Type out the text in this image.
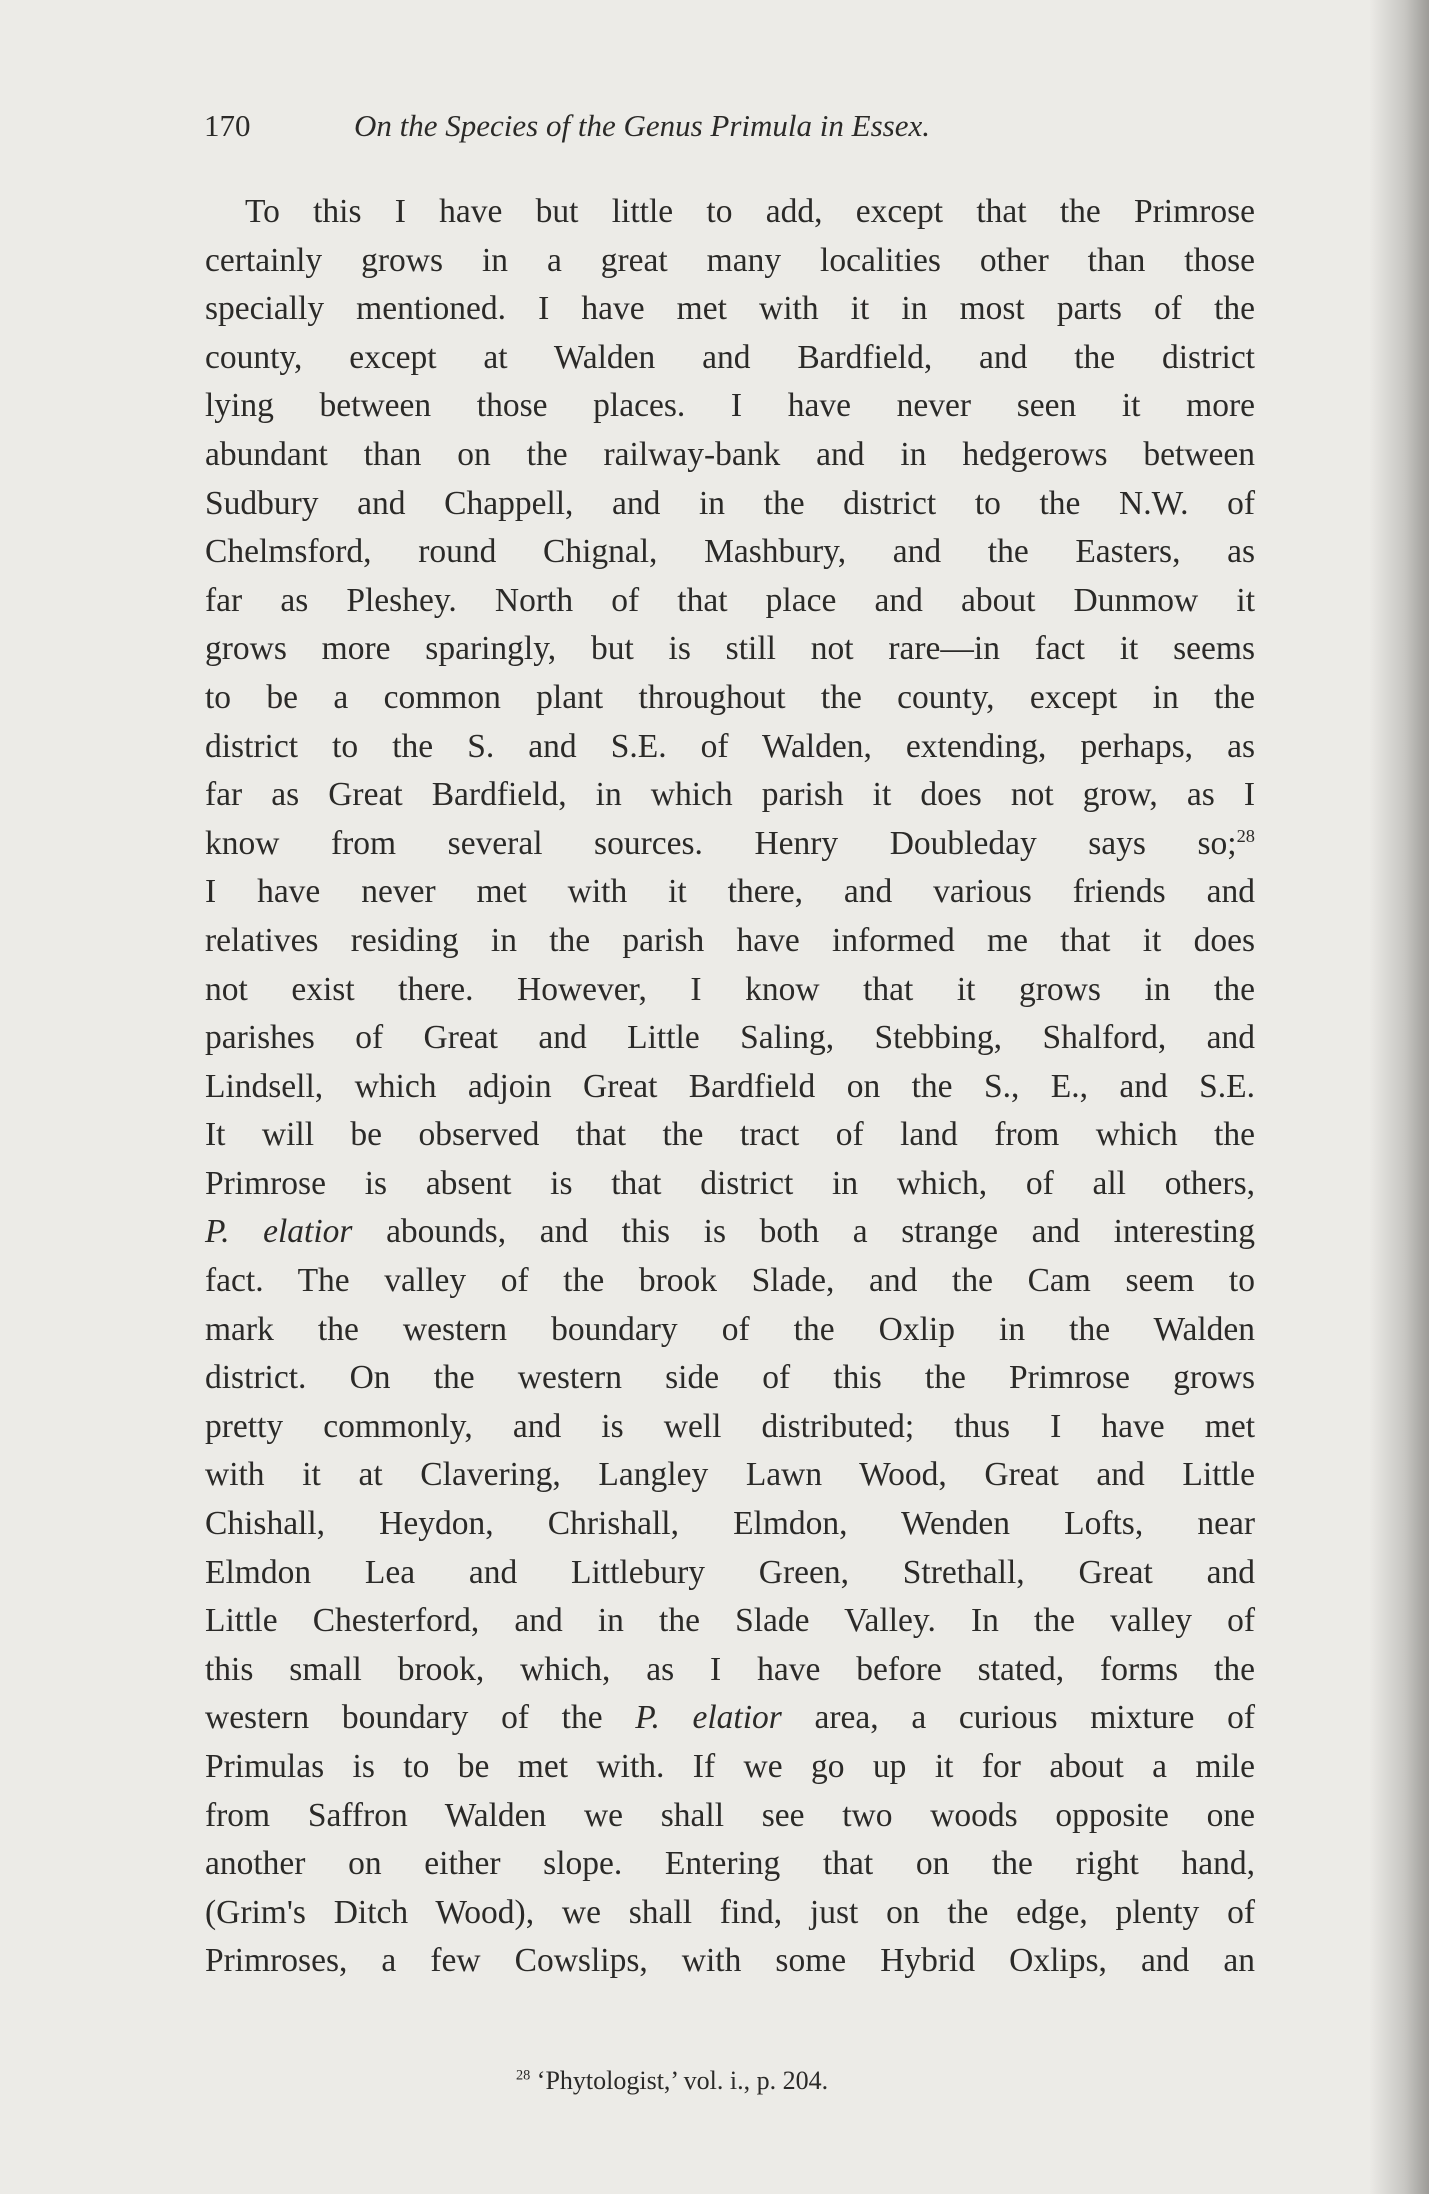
170	On the Species of the Genus Primula in Essex.
To this I have but little to add, except that the Primrose
certainly grows in a great many localities other than those
specially mentioned. I have met with it in most parts of the
county, except at Walden and Bardfield, and the district
lying between those places. I have never seen it more
abundant than on the railway-bank and in hedgerows between
Sudbury and Chappell, and in the district to the N.W. of
Chelmsford, round Chignal, Mashbury, and the Easters, as
far as Pleshey. North of that place and about Dunmow it
grows more sparingly, but is still not rare—in fact it seems
to be a common plant throughout the county, except in the
district to the S. and S.E. of Walden, extending, perhaps, as
far as Great Bardfield, in which parish it does not grow, as I
know from several sources. Henry Doubleday says so;$^{28}$
I have never met with it there, and various friends and
relatives residing in the parish have informed me that it does
not exist there. However, I know that it grows in the
parishes of Great and Little Saling, Stebbing, Shalford, and
Lindsell, which adjoin Great Bardfield on the S., E., and S.E.
It will be observed that the tract of land from which the
Primrose is absent is that district in which, of all others,
P. elatior abounds, and this is both a strange and interesting
fact. The valley of the brook Slade, and the Cam seem to
mark the western boundary of the Oxlip in the Walden
district. On the western side of this the Primrose grows
pretty commonly, and is well distributed; thus I have met
with it at Clavering, Langley Lawn Wood, Great and Little
Chishall, Heydon, Chrishall, Elmdon, Wenden Lofts, near
Elmdon Lea and Littlebury Green, Strethall, Great and
Little Chesterford, and in the Slade Valley. In the valley of
this small brook, which, as I have before stated, forms the
western boundary of the P. elatior area, a curious mixture of
Primulas is to be met with. If we go up it for about a mile
from Saffron Walden we shall see two woods opposite one
another on either slope. Entering that on the right hand,
(Grim's Ditch Wood), we shall find, just on the edge, plenty of
Primroses, a few Cowslips, with some Hybrid Oxlips, and an
$^{28}$ ‘Phytologist,’ vol. i., p. 204.
